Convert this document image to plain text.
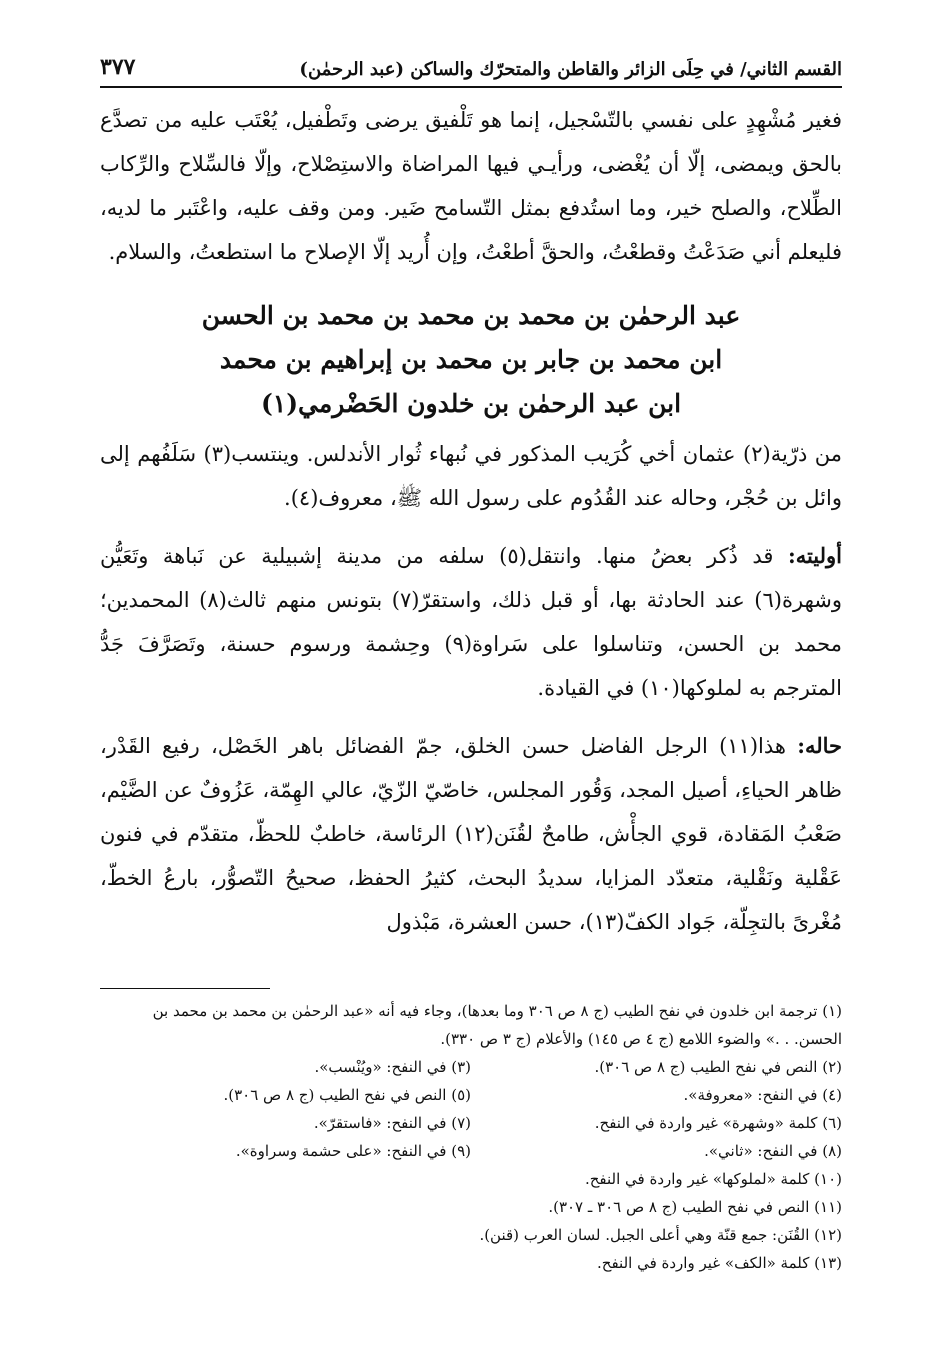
القسم الثاني/ في حِلَى الزائر والقاطن والمتحرّك والساكن (عبد الرحمٰن)
٣٧٧

فغير مُشْهِدٍ على نفسي بالتّسْجيل، إنما هو تَلْفيق يرضى وتَطْفيل، يُعْتَب عليه من تصدَّع بالحق ويمضى، إلّا أن يُغْضى، ورأيـي فيها المراضاة والاستِصْلاح، وإلّا فالسِّلاح والرِّكاب الطِّلاح، والصلح خير، وما استُدفع بمثل التّسامح ضَير. ومن وقف عليه، واعْتَبر ما لديه، فليعلم أني صَدَعْتُ وقطعْتُ، والحقَّ أطعْتُ، وإن أُريد إلّا الإصلاح ما استطعتُ، والسلام.

عبد الرحمٰن بن محمد بن محمد بن محمد بن الحسن
ابن محمد بن جابر بن محمد بن إبراهيم بن محمد
ابن عبد الرحمٰن بن خلدون الحَضْرمي(١)

من ذرّية(٢) عثمان أخي كُرَيب المذكور في نُبهاء ثُوار الأندلس. وينتسب(٣) سَلَفُهم إلى وائل بن حُجْر، وحاله عند القُدُوم على رسول الله ﷺ، معروف(٤).

أوليته: قد ذُكر بعضُ منها. وانتقل(٥) سلفه من مدينة إشبيلية عن نَباهة وتَعَيُّن وشهرة(٦) عند الحادثة بها، أو قبل ذلك، واستقرّ(٧) بتونس منهم ثالث(٨) المحمدين؛ محمد بن الحسن، وتناسلوا على سَراوة(٩) وحِشمة ورسوم حسنة، وتَصَرَّفَ جَدُّ المترجم به لملوكها(١٠) في القيادة.

حاله: هذا(١١) الرجل الفاضل حسن الخلق، جمّ الفضائل باهر الخَصْل، رفيع القَدْر، ظاهر الحياءِ، أصيل المجد، وَقُور المجلس، خاصّيّ الزّيّ، عالي الهِمّة، عَزُوفٌ عن الضَّيْم، صَعْبُ المَقادة، قوي الجأْش، طامحٌ لقُنَن(١٢) الرئاسة، خاطبٌ للحظّ، متقدّم في فنون عَقْلية ونَقْلية، متعدّد المزايا، سديدُ البحث، كثيرُ الحفظ، صحيحُ التّصوُّر، بارعُ الخطّ، مُغْرىً بالتجِلّة، جَواد الكفّ(١٣)، حسن العشرة، مَبْذول

(١) ترجمة ابن خلدون في نفح الطيب (ج ٨ ص ٣٠٦ وما بعدها)، وجاء فيه أنه «عبد الرحمٰن بن محمد بن محمد بن الحسن. . .» والضوء اللامع (ج ٤ ص ١٤٥) والأعلام (ج ٣ ص ٣٣٠).

(٢) النص في نفح الطيب (ج ٨ ص ٣٠٦).
(٣) في النفح: «ويُنْسب».
(٤) في النفح: «معروفة».
(٥) النص في نفح الطيب (ج ٨ ص ٣٠٦).
(٦) كلمة «وشهرة» غير واردة في النفح.
(٧) في النفح: «فاستقرّ».
(٨) في النفح: «ثاني».
(٩) في النفح: «على حشمة وسراوة».

(١٠) كلمة «لملوكها» غير واردة في النفح.

(١١) النص في نفح الطيب (ج ٨ ص ٣٠٦ ـ ٣٠٧).

(١٢) القُنَن: جمع قنّة وهي أعلى الجبل. لسان العرب (قنن).

(١٣) كلمة «الكف» غير واردة في النفح.
